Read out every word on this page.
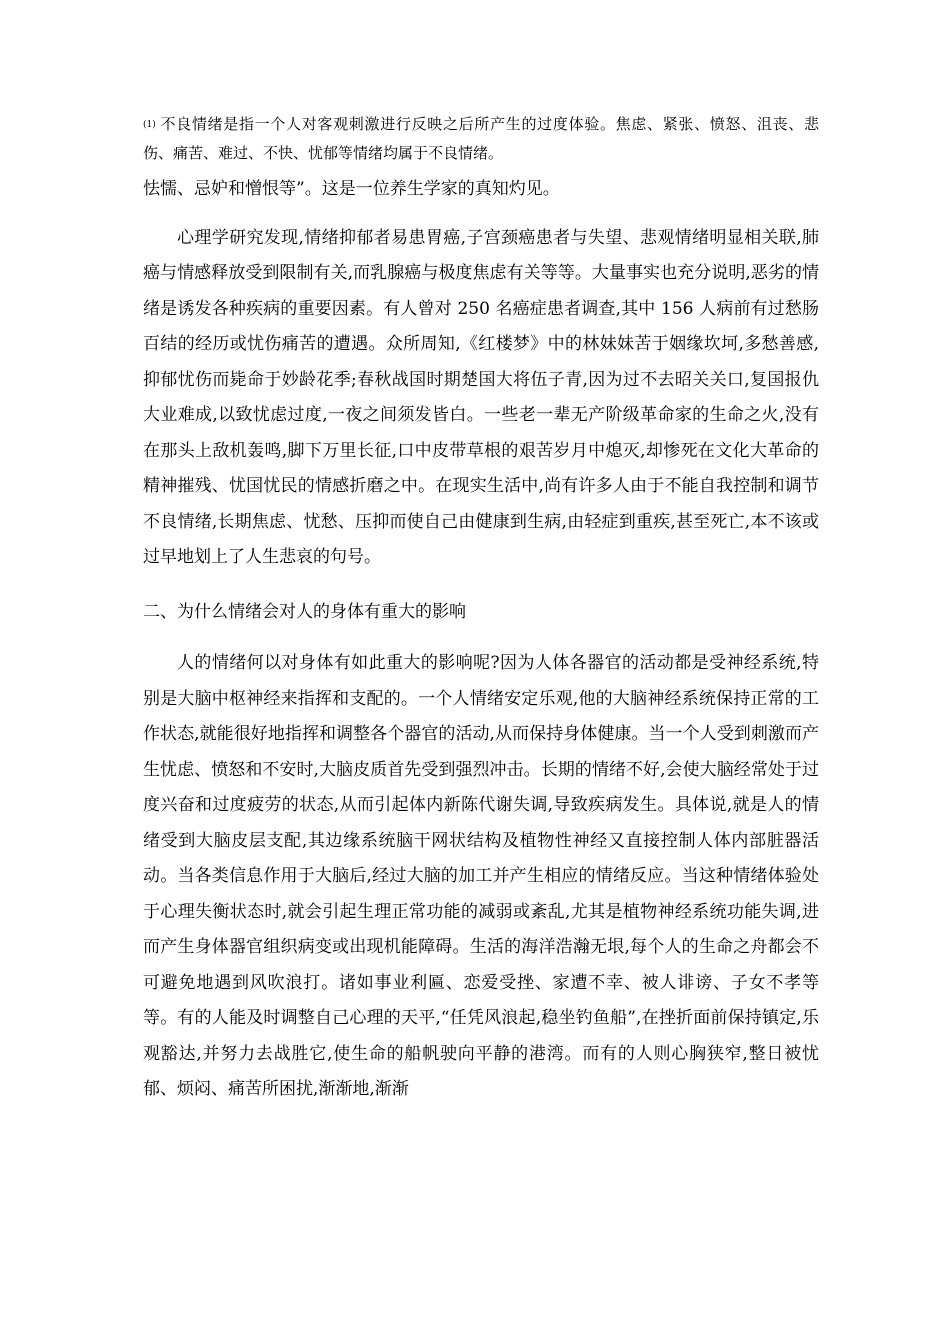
(1) 不良情绪是指一个人对客观刺激进行反映之后所产生的过度体验。焦虑、紧张、愤怒、沮丧、悲伤、痛苦、难过、不快、忧郁等情绪均属于不良情绪。

怯懦、忌妒和憎恨等”。这是一位养生学家的真知灼见。

心理学研究发现,情绪抑郁者易患胃癌,子宫颈癌患者与失望、悲观情绪明显相关联,肺癌与情感释放受到限制有关,而乳腺癌与极度焦虑有关等等。大量事实也充分说明,恶劣的情绪是诱发各种疾病的重要因素。有人曾对 250 名癌症患者调查,其中 156 人病前有过愁肠百结的经历或忧伤痛苦的遭遇。众所周知,《红楼梦》中的林妹妹苦于姻缘坎坷,多愁善感,抑郁忧伤而毙命于妙龄花季;春秋战国时期楚国大将伍子青,因为过不去昭关关口,复国报仇大业难成,以致忧虑过度,一夜之间须发皆白。一些老一辈无产阶级革命家的生命之火,没有在那头上敌机轰鸣,脚下万里长征,口中皮带草根的艰苦岁月中熄灭,却惨死在文化大革命的精神摧残、忧国忧民的情感折磨之中。在现实生活中,尚有许多人由于不能自我控制和调节不良情绪,长期焦虑、忧愁、压抑而使自己由健康到生病,由轻症到重疾,甚至死亡,本不该或过早地划上了人生悲哀的句号。

二、为什么情绪会对人的身体有重大的影响

人的情绪何以对身体有如此重大的影响呢?因为人体各器官的活动都是受神经系统,特别是大脑中枢神经来指挥和支配的。一个人情绪安定乐观,他的大脑神经系统保持正常的工作状态,就能很好地指挥和调整各个器官的活动,从而保持身体健康。当一个人受到刺激而产生忧虑、愤怒和不安时,大脑皮质首先受到强烈冲击。长期的情绪不好,会使大脑经常处于过度兴奋和过度疲劳的状态,从而引起体内新陈代谢失调,导致疾病发生。具体说,就是人的情绪受到大脑皮层支配,其边缘系统脑干网状结构及植物性神经又直接控制人体内部脏器活动。当各类信息作用于大脑后,经过大脑的加工并产生相应的情绪反应。当这种情绪体验处于心理失衡状态时,就会引起生理正常功能的减弱或紊乱,尤其是植物神经系统功能失调,进而产生身体器官组织病变或出现机能障碍。生活的海洋浩瀚无垠,每个人的生命之舟都会不可避免地遇到风吹浪打。诸如事业利匾、恋爱受挫、家遭不幸、被人诽谤、子女不孝等等。有的人能及时调整自己心理的天平,“任凭风浪起,稳坐钓鱼船”,在挫折面前保持镇定,乐观豁达,并努力去战胜它,使生命的船帆驶向平静的港湾。而有的人则心胸狭窄,整日被忧郁、烦闷、痛苦所困扰,渐渐地,渐渐
